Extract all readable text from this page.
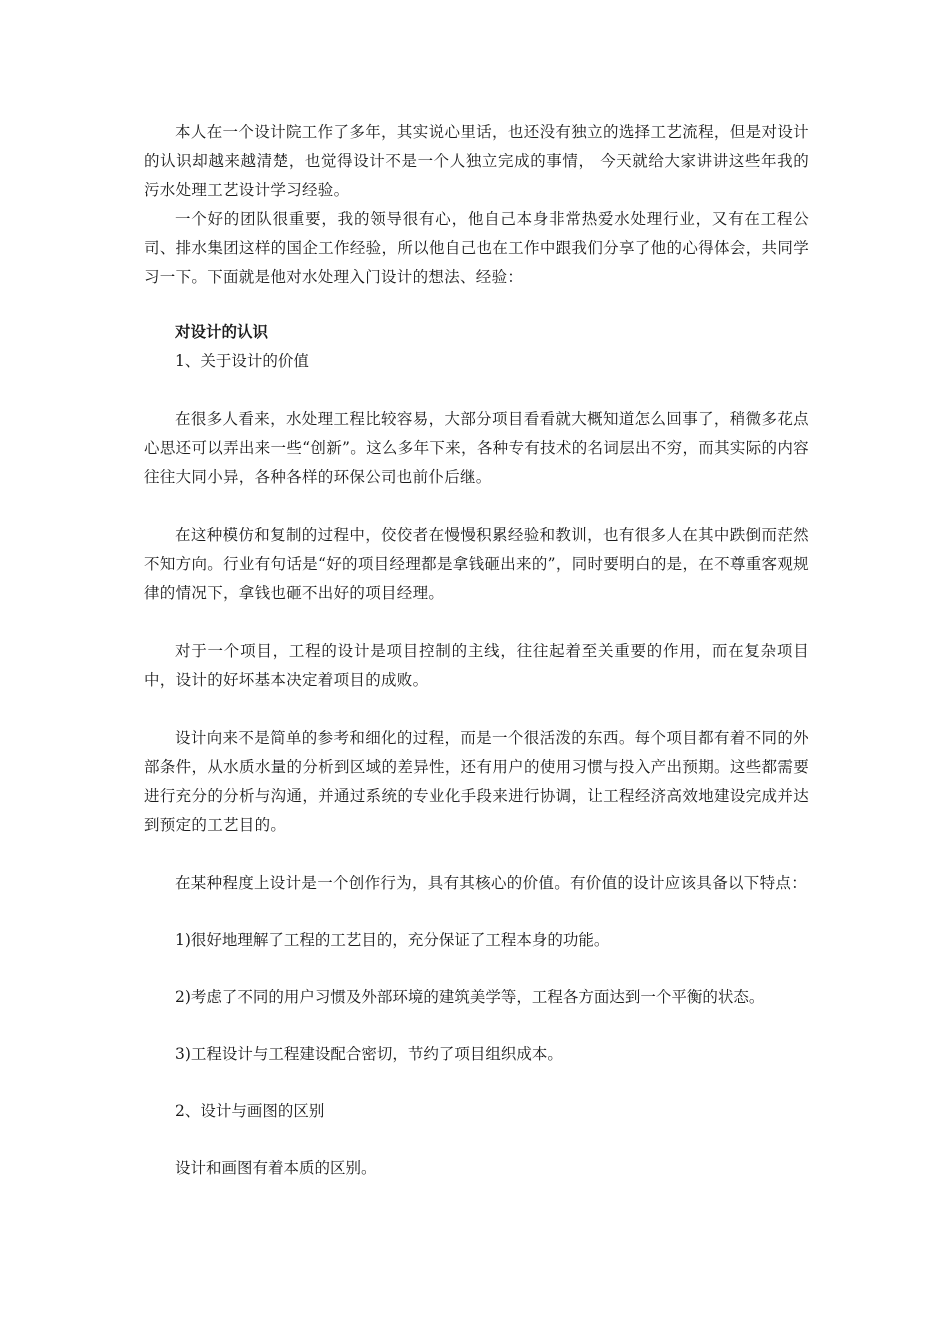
本人在一个设计院工作了多年，其实说心里话，也还没有独立的选择工艺流程，但是对设计的认识却越来越清楚，也觉得设计不是一个人独立完成的事情， 今天就给大家讲讲这些年我的污水处理工艺设计学习经验。

一个好的团队很重要，我的领导很有心，他自己本身非常热爱水处理行业，又有在工程公司、排水集团这样的国企工作经验，所以他自己也在工作中跟我们分享了他的心得体会，共同学习一下。下面就是他对水处理入门设计的想法、经验：

对设计的认识

1、关于设计的价值

在很多人看来，水处理工程比较容易，大部分项目看看就大概知道怎么回事了，稍微多花点心思还可以弄出来一些“创新”。这么多年下来，各种专有技术的名词层出不穷，而其实际的内容往往大同小异，各种各样的环保公司也前仆后继。

在这种模仿和复制的过程中，佼佼者在慢慢积累经验和教训，也有很多人在其中跌倒而茫然不知方向。行业有句话是“好的项目经理都是拿钱砸出来的”，同时要明白的是，在不尊重客观规律的情况下，拿钱也砸不出好的项目经理。

对于一个项目，工程的设计是项目控制的主线，往往起着至关重要的作用，而在复杂项目中，设计的好坏基本决定着项目的成败。

设计向来不是简单的参考和细化的过程，而是一个很活泼的东西。每个项目都有着不同的外部条件，从水质水量的分析到区域的差异性，还有用户的使用习惯与投入产出预期。这些都需要进行充分的分析与沟通，并通过系统的专业化手段来进行协调，让工程经济高效地建设完成并达到预定的工艺目的。

在某种程度上设计是一个创作行为，具有其核心的价值。有价值的设计应该具备以下特点：

1)很好地理解了工程的工艺目的，充分保证了工程本身的功能。

2)考虑了不同的用户习惯及外部环境的建筑美学等，工程各方面达到一个平衡的状态。

3)工程设计与工程建设配合密切，节约了项目组织成本。

2、设计与画图的区别

设计和画图有着本质的区别。
